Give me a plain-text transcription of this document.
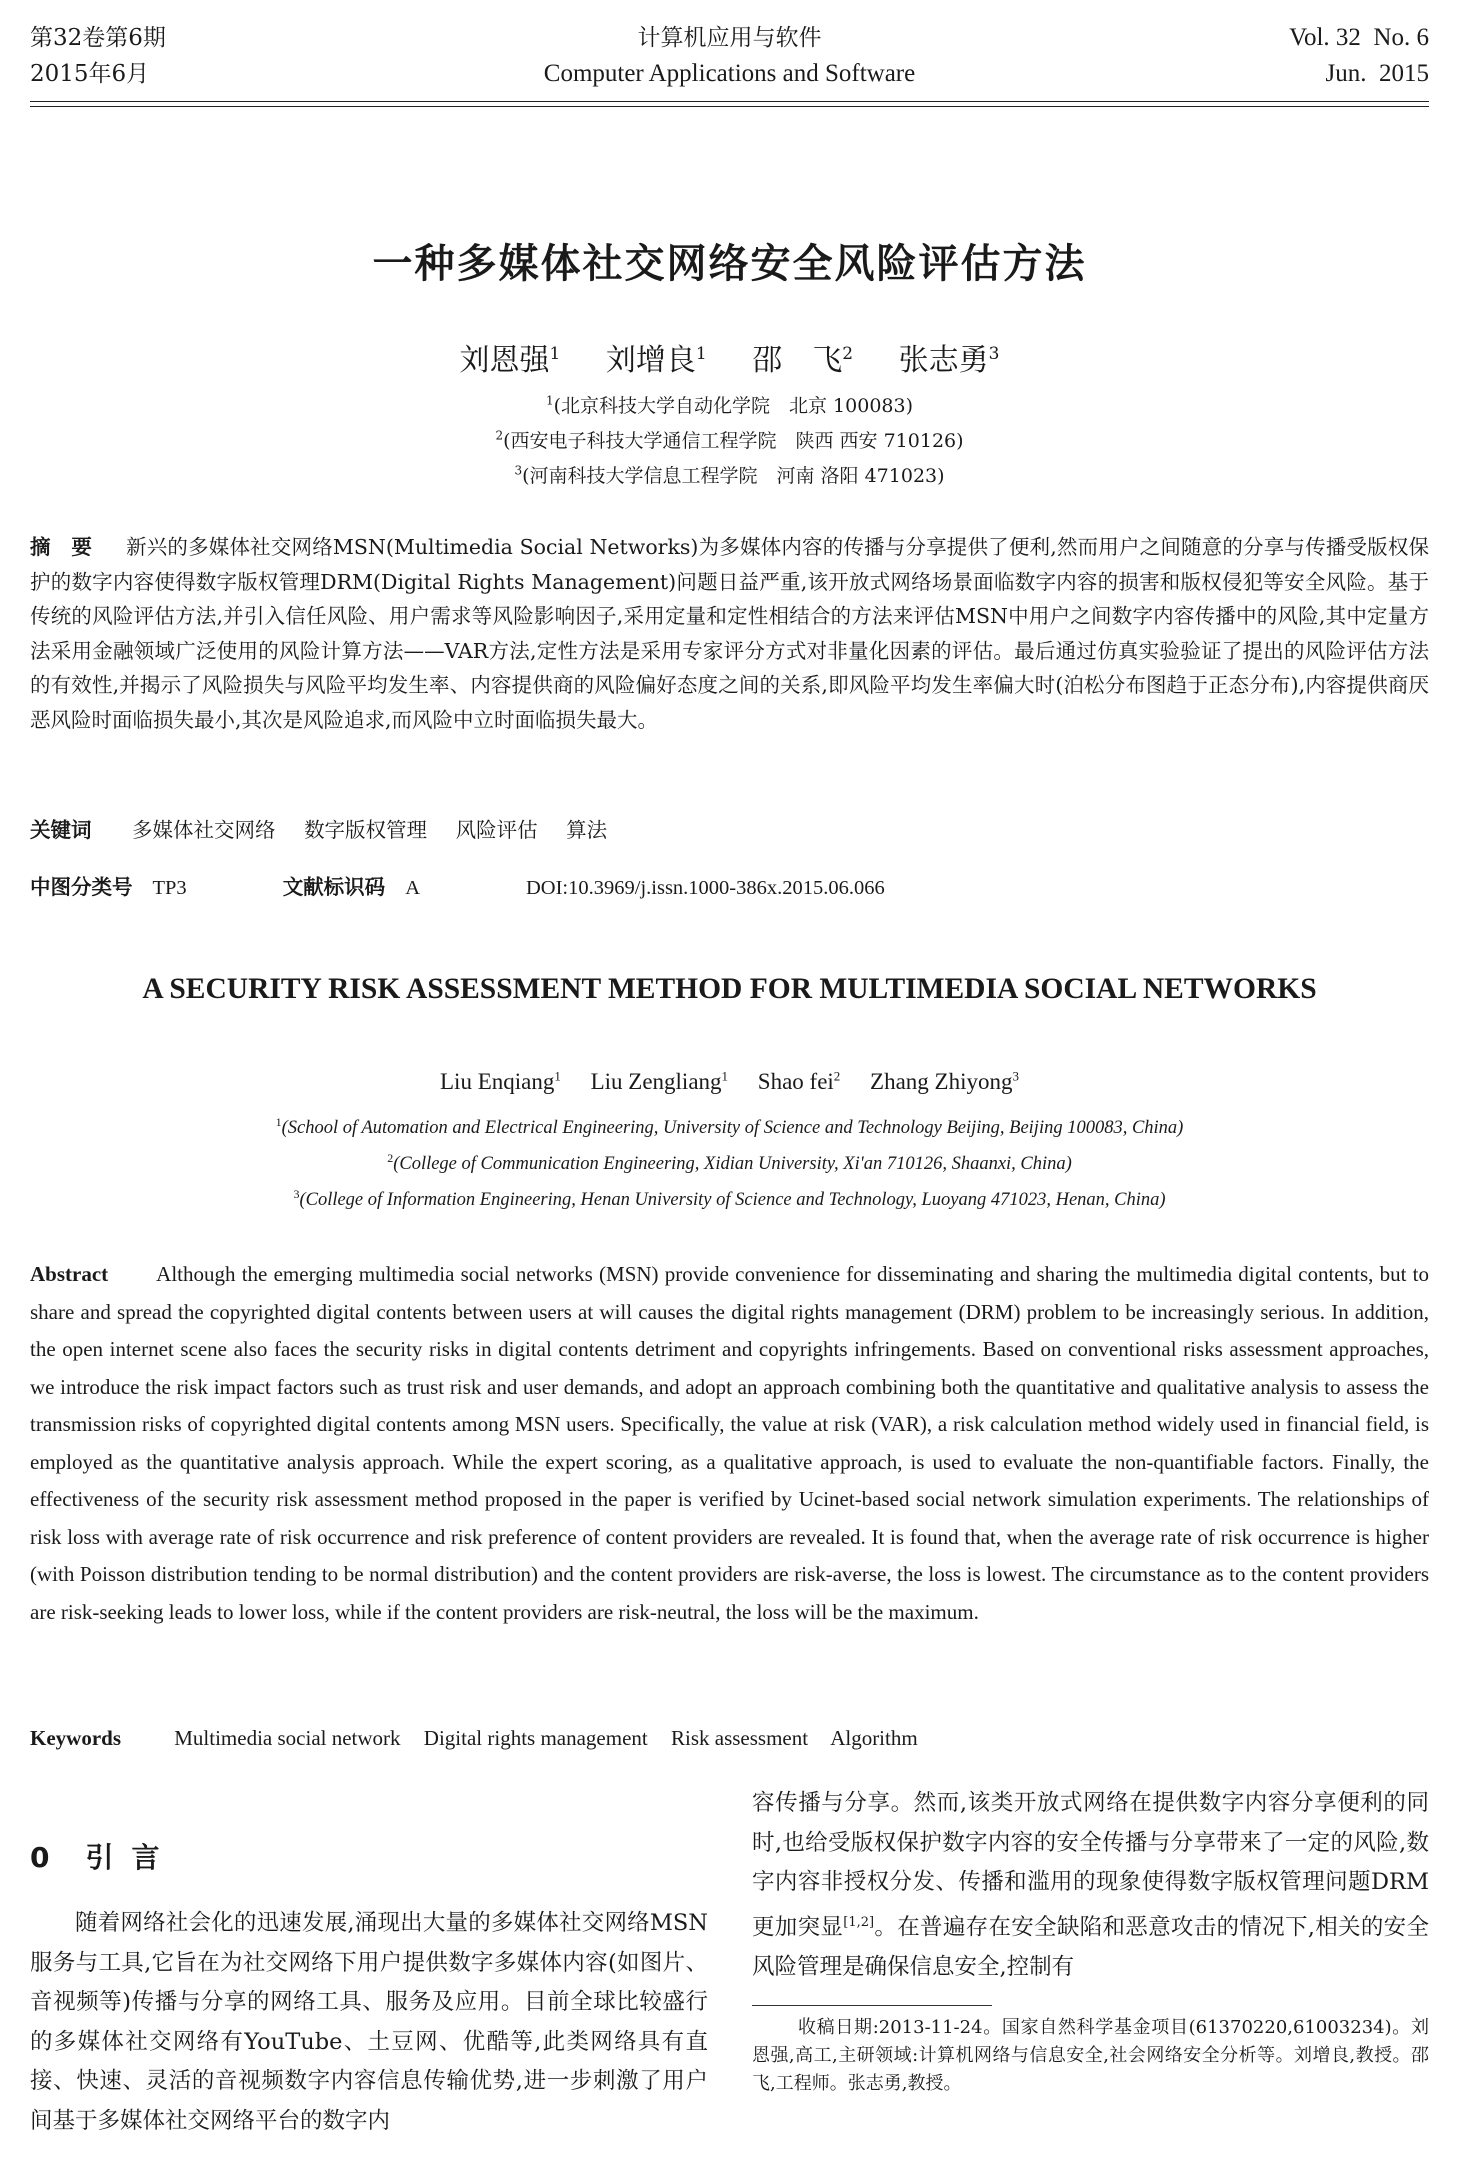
第32卷第6期
2015年6月
计算机应用与软件
Computer Applications and Software
Vol. 32  No. 6
Jun.  2015
一种多媒体社交网络安全风险评估方法
刘恩强$^1$ 刘增良$^1$ 邵　飞$^2$ 张志勇$^3$
$^1$(北京科技大学自动化学院　北京 100083)
$^2$(西安电子科技大学通信工程学院　陕西 西安 710126)
$^3$(河南科技大学信息工程学院　河南 洛阳 471023)
摘　要 新兴的多媒体社交网络MSN(Multimedia Social Networks)为多媒体内容的传播与分享提供了便利,然而用户之间随意的分享与传播受版权保护的数字内容使得数字版权管理DRM(Digital Rights Management)问题日益严重,该开放式网络场景面临数字内容的损害和版权侵犯等安全风险。基于传统的风险评估方法,并引入信任风险、用户需求等风险影响因子,采用定量和定性相结合的方法来评估MSN中用户之间数字内容传播中的风险,其中定量方法采用金融领域广泛使用的风险计算方法——VAR方法,定性方法是采用专家评分方式对非量化因素的评估。最后通过仿真实验验证了提出的风险评估方法的有效性,并揭示了风险损失与风险平均发生率、内容提供商的风险偏好态度之间的关系,即风险平均发生率偏大时(泊松分布图趋于正态分布),内容提供商厌恶风险时面临损失最小,其次是风险追求,而风险中立时面临损失最大。
关键词 多媒体社交网络 数字版权管理 风险评估 算法
中图分类号 TP3	文献标识码 A	DOI:10.3969/j.issn.1000-386x.2015.06.066
A SECURITY RISK ASSESSMENT METHOD FOR MULTIMEDIA SOCIAL NETWORKS
Liu Enqiang$^1$ Liu Zengliang$^1$ Shao fei$^2$ Zhang Zhiyong$^3$
$^1$(School of Automation and Electrical Engineering, University of Science and Technology Beijing, Beijing 100083, China)
$^2$(College of Communication Engineering, Xidian University, Xi'an 710126, Shaanxi, China)
$^3$(College of Information Engineering, Henan University of Science and Technology, Luoyang 471023, Henan, China)
Abstract Although the emerging multimedia social networks (MSN) provide convenience for disseminating and sharing the multimedia digital contents, but to share and spread the copyrighted digital contents between users at will causes the digital rights management (DRM) problem to be increasingly serious. In addition, the open internet scene also faces the security risks in digital contents detriment and copyrights infringements. Based on conventional risks assessment approaches, we introduce the risk impact factors such as trust risk and user demands, and adopt an approach combining both the quantitative and qualitative analysis to assess the transmission risks of copyrighted digital contents among MSN users. Specifically, the value at risk (VAR), a risk calculation method widely used in financial field, is employed as the quantitative analysis approach. While the expert scoring, as a qualitative approach, is used to evaluate the non-quantifiable factors. Finally, the effectiveness of the security risk assessment method proposed in the paper is verified by Ucinet-based social network simulation experiments. The relationships of risk loss with average rate of risk occurrence and risk preference of content providers are revealed. It is found that, when the average rate of risk occurrence is higher (with Poisson distribution tending to be normal distribution) and the content providers are risk-averse, the loss is lowest. The circumstance as to the content providers are risk-seeking leads to lower loss, while if the content providers are risk-neutral, the loss will be the maximum.
Keywords	Multimedia social network Digital rights management Risk assessment Algorithm
0 引言
随着网络社会化的迅速发展,涌现出大量的多媒体社交网络MSN服务与工具,它旨在为社交网络下用户提供数字多媒体内容(如图片、音视频等)传播与分享的网络工具、服务及应用。目前全球比较盛行的多媒体社交网络有YouTube、土豆网、优酷等,此类网络具有直接、快速、灵活的音视频数字内容信息传输优势,进一步刺激了用户间基于多媒体社交网络平台的数字内
容传播与分享。然而,该类开放式网络在提供数字内容分享便利的同时,也给受版权保护数字内容的安全传播与分享带来了一定的风险,数字内容非授权分发、传播和滥用的现象使得数字版权管理问题DRM更加突显[1,2]。在普遍存在安全缺陷和恶意攻击的情况下,相关的安全风险管理是确保信息安全,控制有
收稿日期:2013-11-24。国家自然科学基金项目(61370220,61003234)。刘恩强,高工,主研领域:计算机网络与信息安全,社会网络安全分析等。刘增良,教授。邵飞,工程师。张志勇,教授。
